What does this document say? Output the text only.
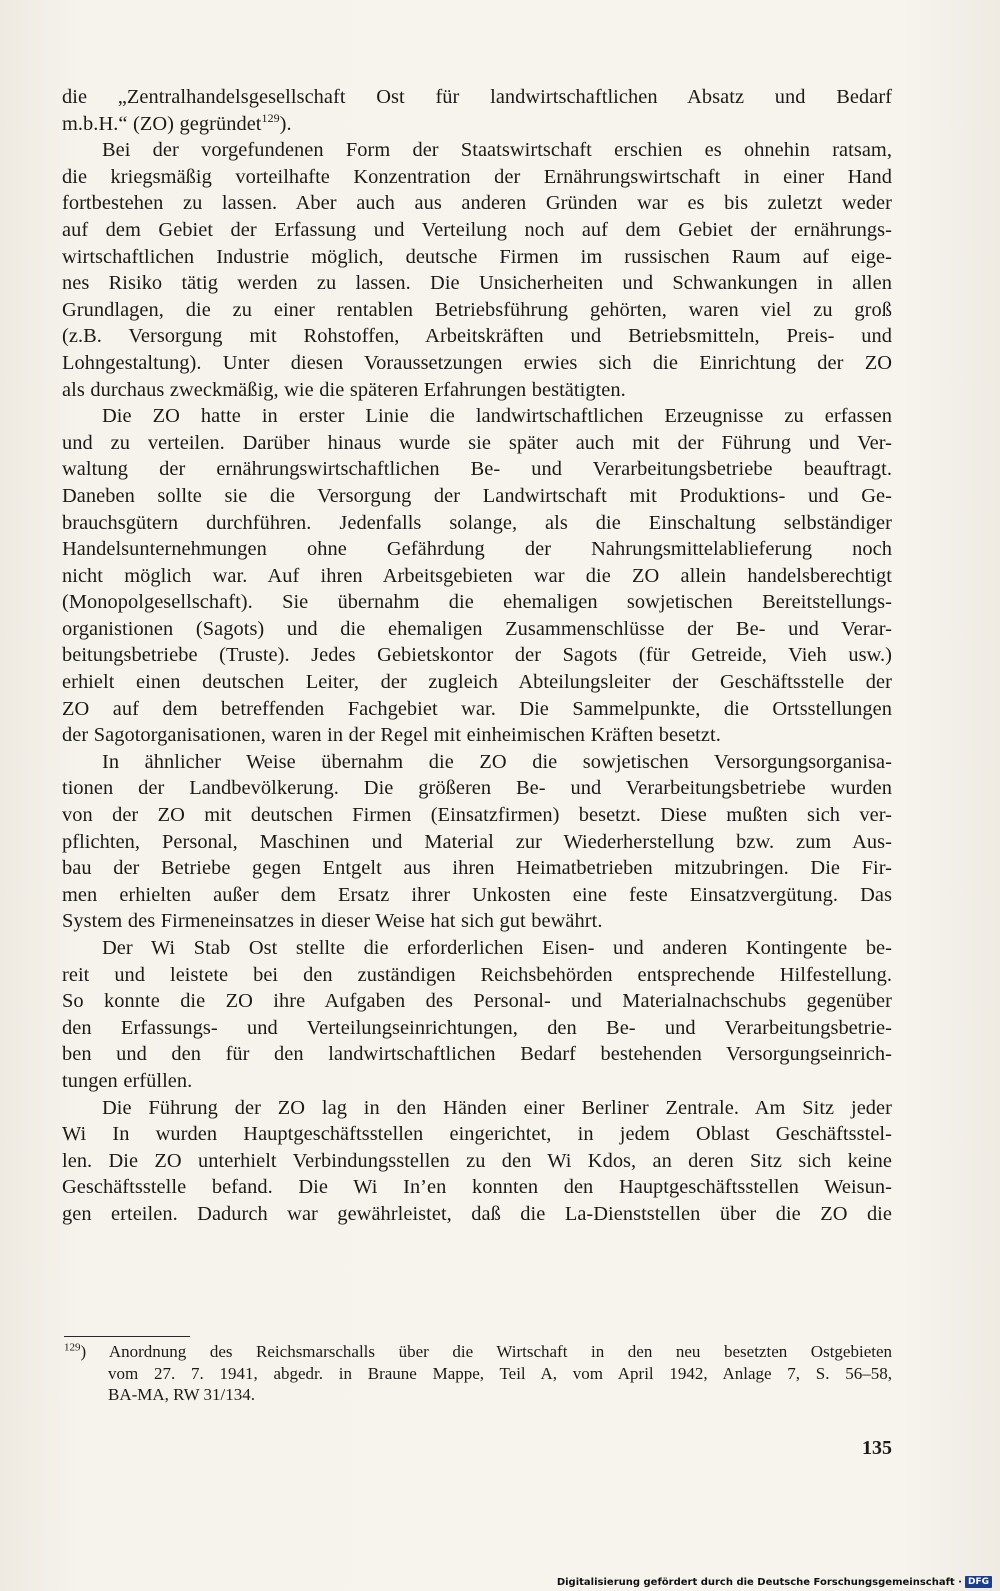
die „Zentralhandelsgesellschaft Ost für landwirtschaftlichen Absatz und Bedarf
m.b.H.“ (ZO) gegründet$^{129}$).

Bei der vorgefundenen Form der Staatswirtschaft erschien es ohnehin ratsam,
die kriegsmäßig vorteilhafte Konzentration der Ernährungswirtschaft in einer Hand
fortbestehen zu lassen. Aber auch aus anderen Gründen war es bis zuletzt weder
auf dem Gebiet der Erfassung und Verteilung noch auf dem Gebiet der ernährungs-
wirtschaftlichen Industrie möglich, deutsche Firmen im russischen Raum auf eige-
nes Risiko tätig werden zu lassen. Die Unsicherheiten und Schwankungen in allen
Grundlagen, die zu einer rentablen Betriebsführung gehörten, waren viel zu groß
(z.B. Versorgung mit Rohstoffen, Arbeitskräften und Betriebsmitteln, Preis- und
Lohngestaltung). Unter diesen Voraussetzungen erwies sich die Einrichtung der ZO
als durchaus zweckmäßig, wie die späteren Erfahrungen bestätigten.

Die ZO hatte in erster Linie die landwirtschaftlichen Erzeugnisse zu erfassen
und zu verteilen. Darüber hinaus wurde sie später auch mit der Führung und Ver-
waltung der ernährungswirtschaftlichen Be- und Verarbeitungsbetriebe beauftragt.
Daneben sollte sie die Versorgung der Landwirtschaft mit Produktions- und Ge-
brauchsgütern durchführen. Jedenfalls solange, als die Einschaltung selbständiger
Handelsunternehmungen ohne Gefährdung der Nahrungsmittelablieferung noch
nicht möglich war. Auf ihren Arbeitsgebieten war die ZO allein handelsberechtigt
(Monopolgesellschaft). Sie übernahm die ehemaligen sowjetischen Bereitstellungs-
organistionen (Sagots) und die ehemaligen Zusammenschlüsse der Be- und Verar-
beitungsbetriebe (Truste). Jedes Gebietskontor der Sagots (für Getreide, Vieh usw.)
erhielt einen deutschen Leiter, der zugleich Abteilungsleiter der Geschäftsstelle der
ZO auf dem betreffenden Fachgebiet war. Die Sammelpunkte, die Ortsstellungen
der Sagotorganisationen, waren in der Regel mit einheimischen Kräften besetzt.

In ähnlicher Weise übernahm die ZO die sowjetischen Versorgungsorganisa-
tionen der Landbevölkerung. Die größeren Be- und Verarbeitungsbetriebe wurden
von der ZO mit deutschen Firmen (Einsatzfirmen) besetzt. Diese mußten sich ver-
pflichten, Personal, Maschinen und Material zur Wiederherstellung bzw. zum Aus-
bau der Betriebe gegen Entgelt aus ihren Heimatbetrieben mitzubringen. Die Fir-
men erhielten außer dem Ersatz ihrer Unkosten eine feste Einsatzvergütung. Das
System des Firmeneinsatzes in dieser Weise hat sich gut bewährt.

Der Wi Stab Ost stellte die erforderlichen Eisen- und anderen Kontingente be-
reit und leistete bei den zuständigen Reichsbehörden entsprechende Hilfestellung.
So konnte die ZO ihre Aufgaben des Personal- und Materialnachschubs gegenüber
den Erfassungs- und Verteilungseinrichtungen, den Be- und Verarbeitungsbetrie-
ben und den für den landwirtschaftlichen Bedarf bestehenden Versorgungseinrich-
tungen erfüllen.

Die Führung der ZO lag in den Händen einer Berliner Zentrale. Am Sitz jeder
Wi In wurden Hauptgeschäftsstellen eingerichtet, in jedem Oblast Geschäftsstel-
len. Die ZO unterhielt Verbindungsstellen zu den Wi Kdos, an deren Sitz sich keine
Geschäftsstelle befand. Die Wi In’en konnten den Hauptgeschäftsstellen Weisun-
gen erteilen. Dadurch war gewährleistet, daß die La-Dienststellen über die ZO die

$^{129}$) Anordnung des Reichsmarschalls über die Wirtschaft in den neu besetzten Ostgebieten
vom 27. 7. 1941, abgedr. in Braune Mappe, Teil A, vom April 1942, Anlage 7, S. 56–58,
BA-MA, RW 31/134.
135
Digitalisierung gefördert durch die Deutsche Forschungsgemeinschaft · DFG
